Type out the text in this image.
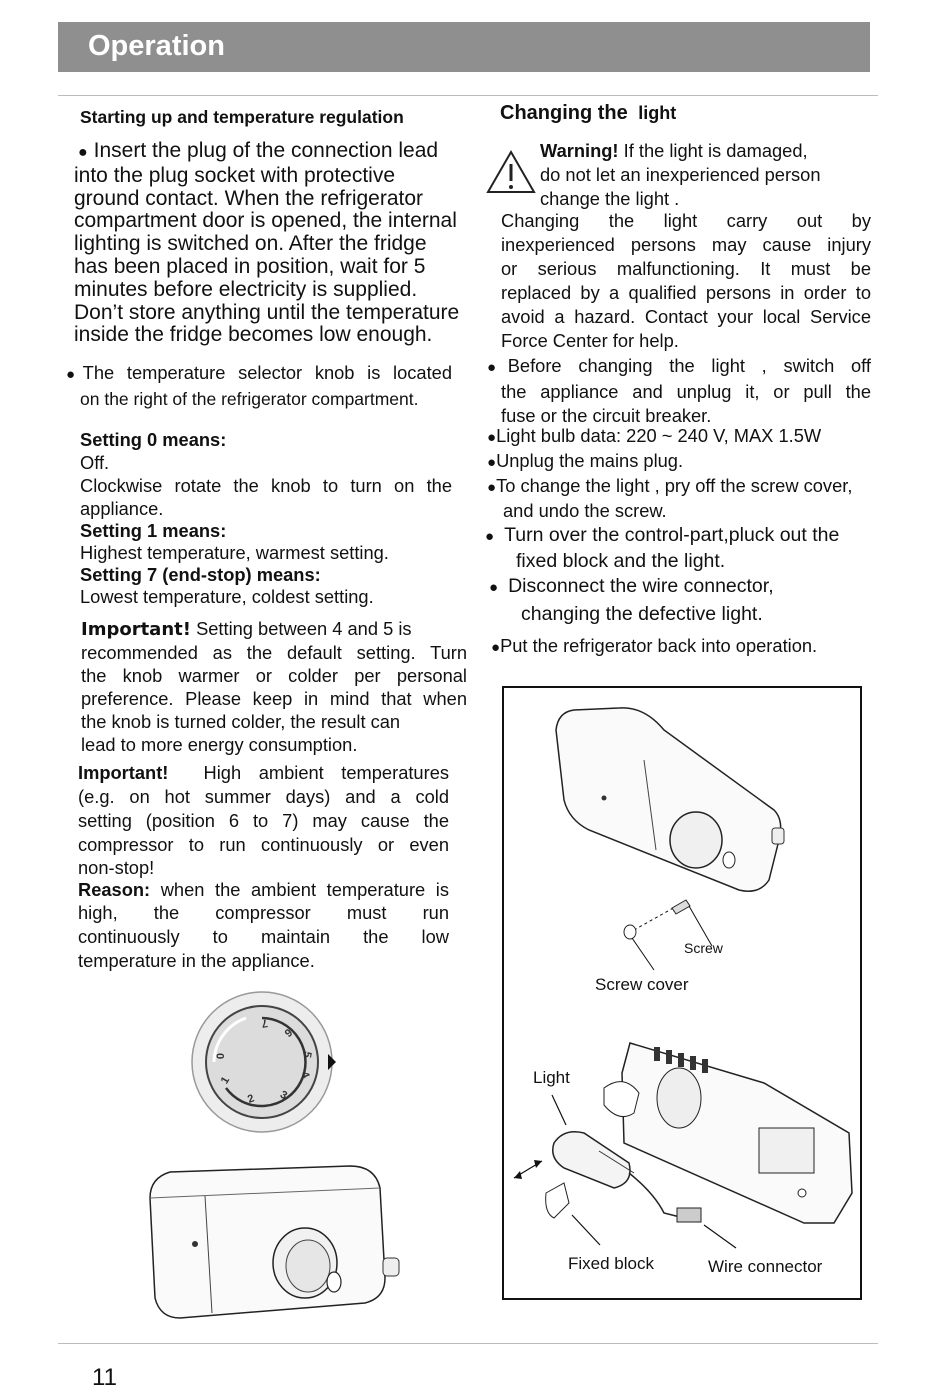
Operation
Starting up and temperature regulation
● Insert the plug of the connection lead
into the plug socket with protective
ground contact. When the refrigerator
compartment door is opened, the internal
lighting is switched on. After the fridge
has been placed in position, wait for 5
minutes before electricity is supplied.
Don’t store anything until the temperature
inside the fridge becomes low enough.
●The temperature selector knob is located
on the right of the refrigerator compartment.
Setting 0 means:
Off.
Clockwise rotate the knob to turn on the
appliance.
Setting 1 means:
Highest temperature, warmest setting.
Setting 7 (end-stop) means:
Lowest temperature, coldest setting.
Important! Setting between 4 and 5 is
recommended as the default setting. Turn
the knob warmer or colder per personal
preference. Please keep in mind that when
the knob is turned colder, the result can
lead to more energy consumption.
Important! High ambient temperatures
(e.g. on hot summer days) and a cold
setting (position 6 to 7) may cause the
compressor to run continuously or even
non-stop!
Reason: when the ambient temperature is
high, the compressor must run
continuously to maintain the low
temperature in the appliance.
0
1
2 3
4
5
6
7
Changing the light
Warning! If the light is damaged,
do not let an inexperienced person
change the light .
Changing the light carry out by
inexperienced persons may cause injury
or serious malfunctioning. It must be
replaced by a qualified persons in order to
avoid a hazard. Contact your local Service
Force Center for help.
●Before changing the light , switch off
the appliance and unplug it, or pull the
fuse or the circuit breaker.
●Light bulb data: 220 ~ 240 V, MAX 1.5W
●Unplug the mains plug.
●To change the light , pry off the screw cover,
and undo the screw.
● Turn over the control-part,pluck out the
fixed block and the light.
● Disconnect the wire connector,
changing the defective light.
●Put the refrigerator back into operation.
Screw
Screw cover
Light
Fixed block	Wire connector
11
